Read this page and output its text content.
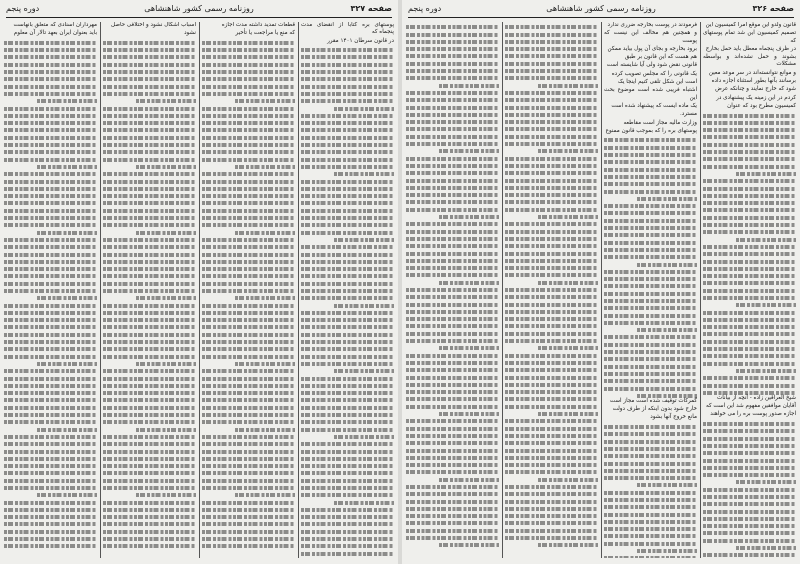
صفحه ۳۲۶
روزنامه رسمی کشور شاهنشاهی
دوره پنجم

قانون ولدو این موقع امرا کمیسیون این

تصمیم کمیسیون این شد تمام پوستهای که

در ظرف پنجماه معطل باید حمل بخارج

بشوند و حمل نشده‌اند و بواسطه مشکلات

و موانع نتوانسته‌اند در سر موعد معین

برسانند بآنها بطور استثناء اجازه داده

شود که خارج نمایند و چنانکه عرض

کردم در این زمینه یک پیشنهادی در

کمیسیون مطرح بود که عنوان

شیخ العراقین زاده - آنچه از بیانات

آقایان موافقین مفهوم شد این است که

اجازه صدور پوست بره را می خواهند

فرمودند در پوست بخارجه ضرری ندارد

و همچنین هم مخالف این نیست که پوست

برود بخارجه و بجای آن پول بیاید ممکن

هم هست که این قانون بر طبق

قانونی نقض شود ولی آیا شایسته است

یک قانونی را که مجلس تصویب کرده

است این شکل تلقی کنیم اینجا یک

اشتباه فریبی شده است موضوع بحث این

یک ماده ایست که پیشنهاد شده است

مسترد.

وزارت مالیه مجاز است مقاطعه

پوستهای بره را که بموجب قانون ممنوع

گمرکات توقیف شده است مجاز است

خارج شود بدون اینکه از طرف دولت

مانع خروج آنها بشود

صفحه ۳۲۷
روزنامه رسمی کشور شاهنشاهی
دوره پنجم

پوستهای بره کتابا از انقضای مدت پنجماه که

در قانون سرطان ۱۴۰۱ مقرر

قطعات تمدید داشته مدت اجازه

که منع یا مراجعت یا تأخیر

اسباب اشکال نشود و اختلافی حاصل

نشود

مهرداران اسنادی که متعلق بآنهاست

باید بعنوان ایران بعهد تالار آن معلوم
